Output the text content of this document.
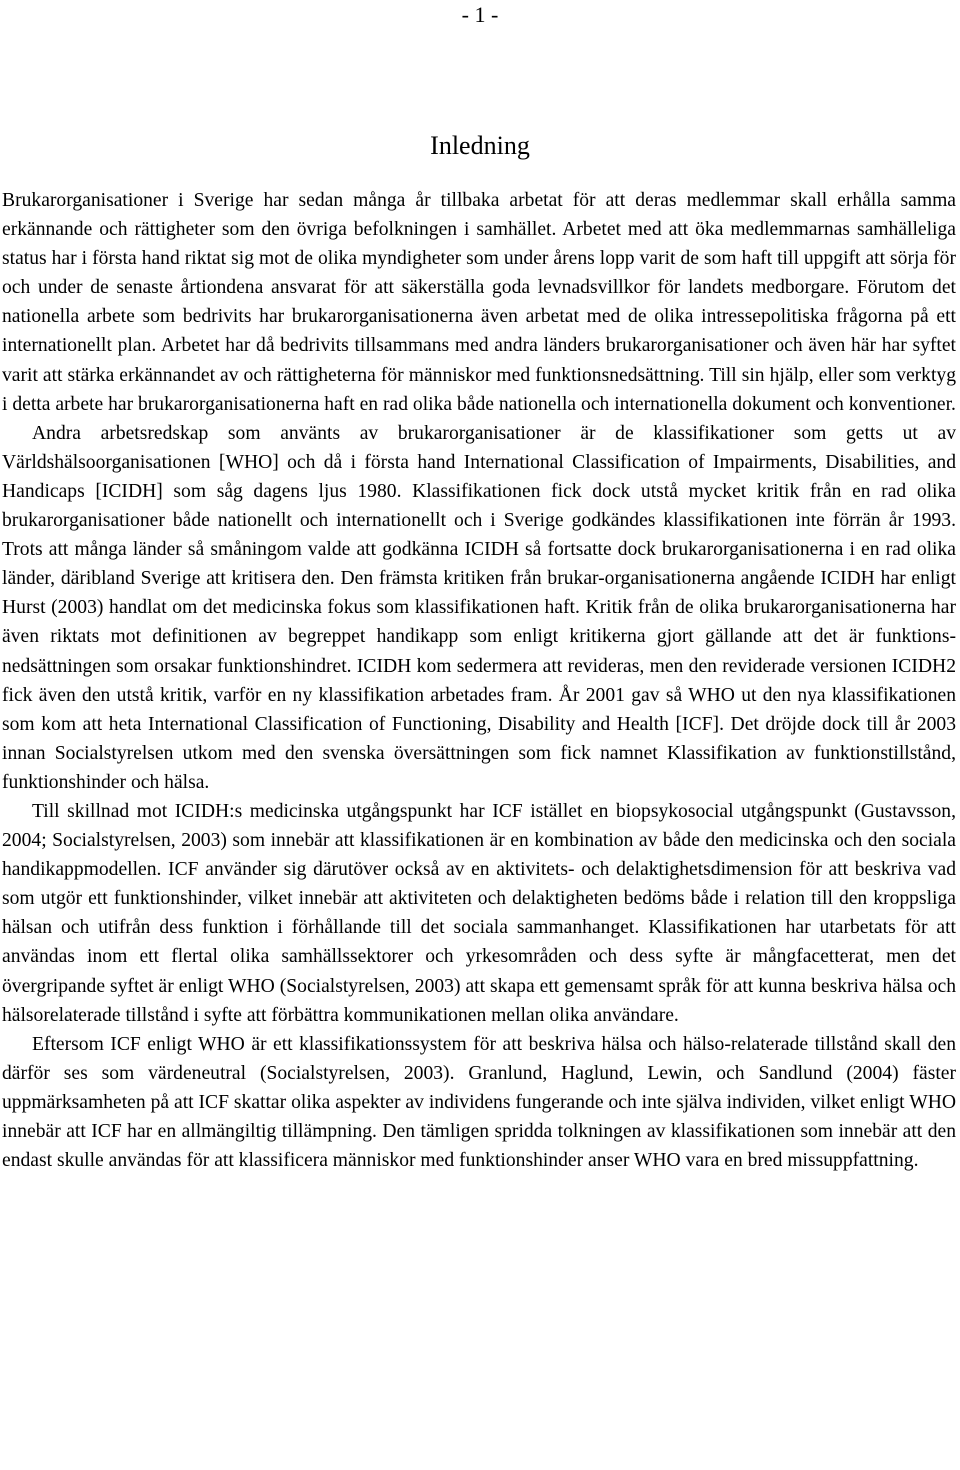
- 1 -
Inledning

Brukarorganisationer i Sverige har sedan många år tillbaka arbetat för att deras medlemmar skall erhålla samma erkännande och rättigheter som den övriga befolkningen i samhället. Arbetet med att öka medlemmarnas samhälleliga status har i första hand riktat sig mot de olika myndigheter som under årens lopp varit de som haft till uppgift att sörja för och under de senaste årtiondena ansvarat för att säkerställa goda levnadsvillkor för landets medborgare. Förutom det nationella arbete som bedrivits har brukarorganisationerna även arbetat med de olika intressepolitiska frågorna på ett internationellt plan. Arbetet har då bedrivits tillsammans med andra länders brukarorganisationer och även här har syftet varit att stärka erkännandet av och rättigheterna för människor med funktionsnedsättning. Till sin hjälp, eller som verktyg i detta arbete har brukarorganisationerna haft en rad olika både nationella och internationella dokument och konventioner.

Andra arbetsredskap som använts av brukarorganisationer är de klassifikationer som getts ut av Världshälsoorganisationen [WHO] och då i första hand International Classification of Impairments, Disabilities, and Handicaps [ICIDH] som såg dagens ljus 1980. Klassifikationen fick dock utstå mycket kritik från en rad olika brukarorganisationer både nationellt och internationellt och i Sverige godkändes klassifikationen inte förrän år 1993. Trots att många länder så småningom valde att godkänna ICIDH så fortsatte dock brukarorganisationerna i en rad olika länder, däribland Sverige att kritisera den. Den främsta kritiken från brukar-organisationerna angående ICIDH har enligt Hurst (2003) handlat om det medicinska fokus som klassifikationen haft. Kritik från de olika brukarorganisationerna har även riktats mot definitionen av begreppet handikapp som enligt kritikerna gjort gällande att det är funktions-nedsättningen som orsakar funktionshindret. ICIDH kom sedermera att revideras, men den reviderade versionen ICIDH2 fick även den utstå kritik, varför en ny klassifikation arbetades fram. År 2001 gav så WHO ut den nya klassifikationen som kom att heta International Classification of Functioning, Disability and Health [ICF]. Det dröjde dock till år 2003 innan Socialstyrelsen utkom med den svenska översättningen som fick namnet Klassifikation av funktionstillstånd, funktionshinder och hälsa.

Till skillnad mot ICIDH:s medicinska utgångspunkt har ICF istället en biopsykosocial utgångspunkt (Gustavsson, 2004; Socialstyrelsen, 2003) som innebär att klassifikationen är en kombination av både den medicinska och den sociala handikappmodellen. ICF använder sig därutöver också av en aktivitets- och delaktighetsdimension för att beskriva vad som utgör ett funktionshinder, vilket innebär att aktiviteten och delaktigheten bedöms både i relation till den kroppsliga hälsan och utifrån dess funktion i förhållande till det sociala sammanhanget. Klassifikationen har utarbetats för att användas inom ett flertal olika samhällssektorer och yrkesområden och dess syfte är mångfacetterat, men det övergripande syftet är enligt WHO (Socialstyrelsen, 2003) att skapa ett gemensamt språk för att kunna beskriva hälsa och hälsorelaterade tillstånd i syfte att förbättra kommunikationen mellan olika användare.

Eftersom ICF enligt WHO är ett klassifikationssystem för att beskriva hälsa och hälso-relaterade tillstånd skall den därför ses som värdeneutral (Socialstyrelsen, 2003). Granlund, Haglund, Lewin, och Sandlund (2004) fäster uppmärksamheten på att ICF skattar olika aspekter av individens fungerande och inte själva individen, vilket enligt WHO innebär att ICF har en allmängiltig tillämpning. Den tämligen spridda tolkningen av klassifikationen som innebär att den endast skulle användas för att klassificera människor med funktionshinder anser WHO vara en bred missuppfattning.
